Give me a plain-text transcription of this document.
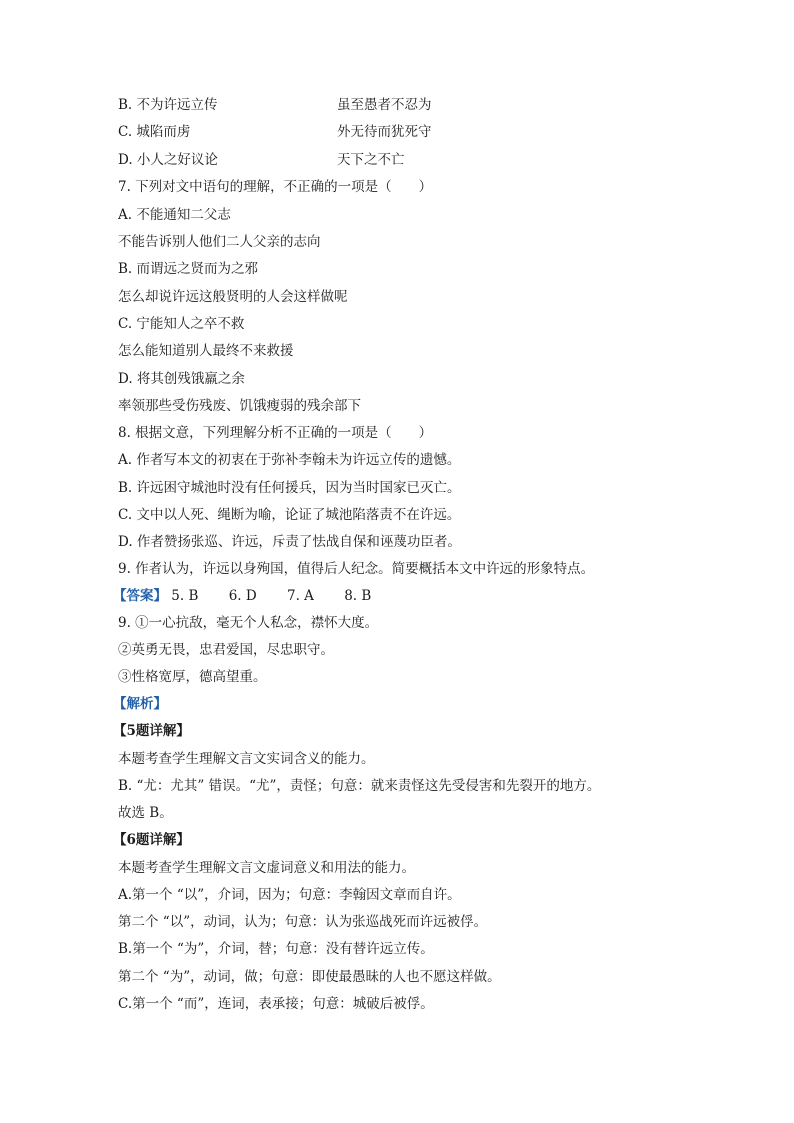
B. 不为许远立传	虽至愚者不忍为
C. 城陷而虏	外无待而犹死守
D. 小人之好议论	天下之不亡
7. 下列对文中语句的理解，不正确的一项是（　　）
A. 不能通知二父志
不能告诉别人他们二人父亲的志向
B. 而谓远之贤而为之邪
怎么却说许远这般贤明的人会这样做呢
C. 宁能知人之卒不救
怎么能知道别人最终不来救援
D. 将其创残饿羸之余
率领那些受伤残废、饥饿瘦弱的残余部下
8. 根据文意，下列理解分析不正确的一项是（　　）
A. 作者写本文的初衷在于弥补李翰未为许远立传的遗憾。
B. 许远困守城池时没有任何援兵，因为当时国家已灭亡。
C. 文中以人死、绳断为喻，论证了城池陷落责不在许远。
D. 作者赞扬张巡、许远，斥责了怯战自保和诬蔑功臣者。
9. 作者认为，许远以身殉国，值得后人纪念。简要概括本文中许远的形象特点。
【答案】 5. B 6. D 7. A 8. B
9. ①一心抗敌，毫无个人私念，襟怀大度。
②英勇无畏，忠君爱国，尽忠职守。
③性格宽厚，德高望重。
【解析】
【5题详解】
本题考查学生理解文言文实词含义的能力。
B. “尤：尤其” 错误。“尤”，责怪；句意：就来责怪这先受侵害和先裂开的地方。
故选 B。
【6题详解】
本题考查学生理解文言文虚词意义和用法的能力。
A.第一个 “以”，介词，因为；句意：李翰因文章而自许。
第二个 “以”，动词，认为；句意：认为张巡战死而许远被俘。
B.第一个 “为”，介词，替；句意：没有替许远立传。
第二个 “为”，动词，做；句意：即使最愚昧的人也不愿这样做。
C.第一个 “而”，连词，表承接；句意：城破后被俘。
